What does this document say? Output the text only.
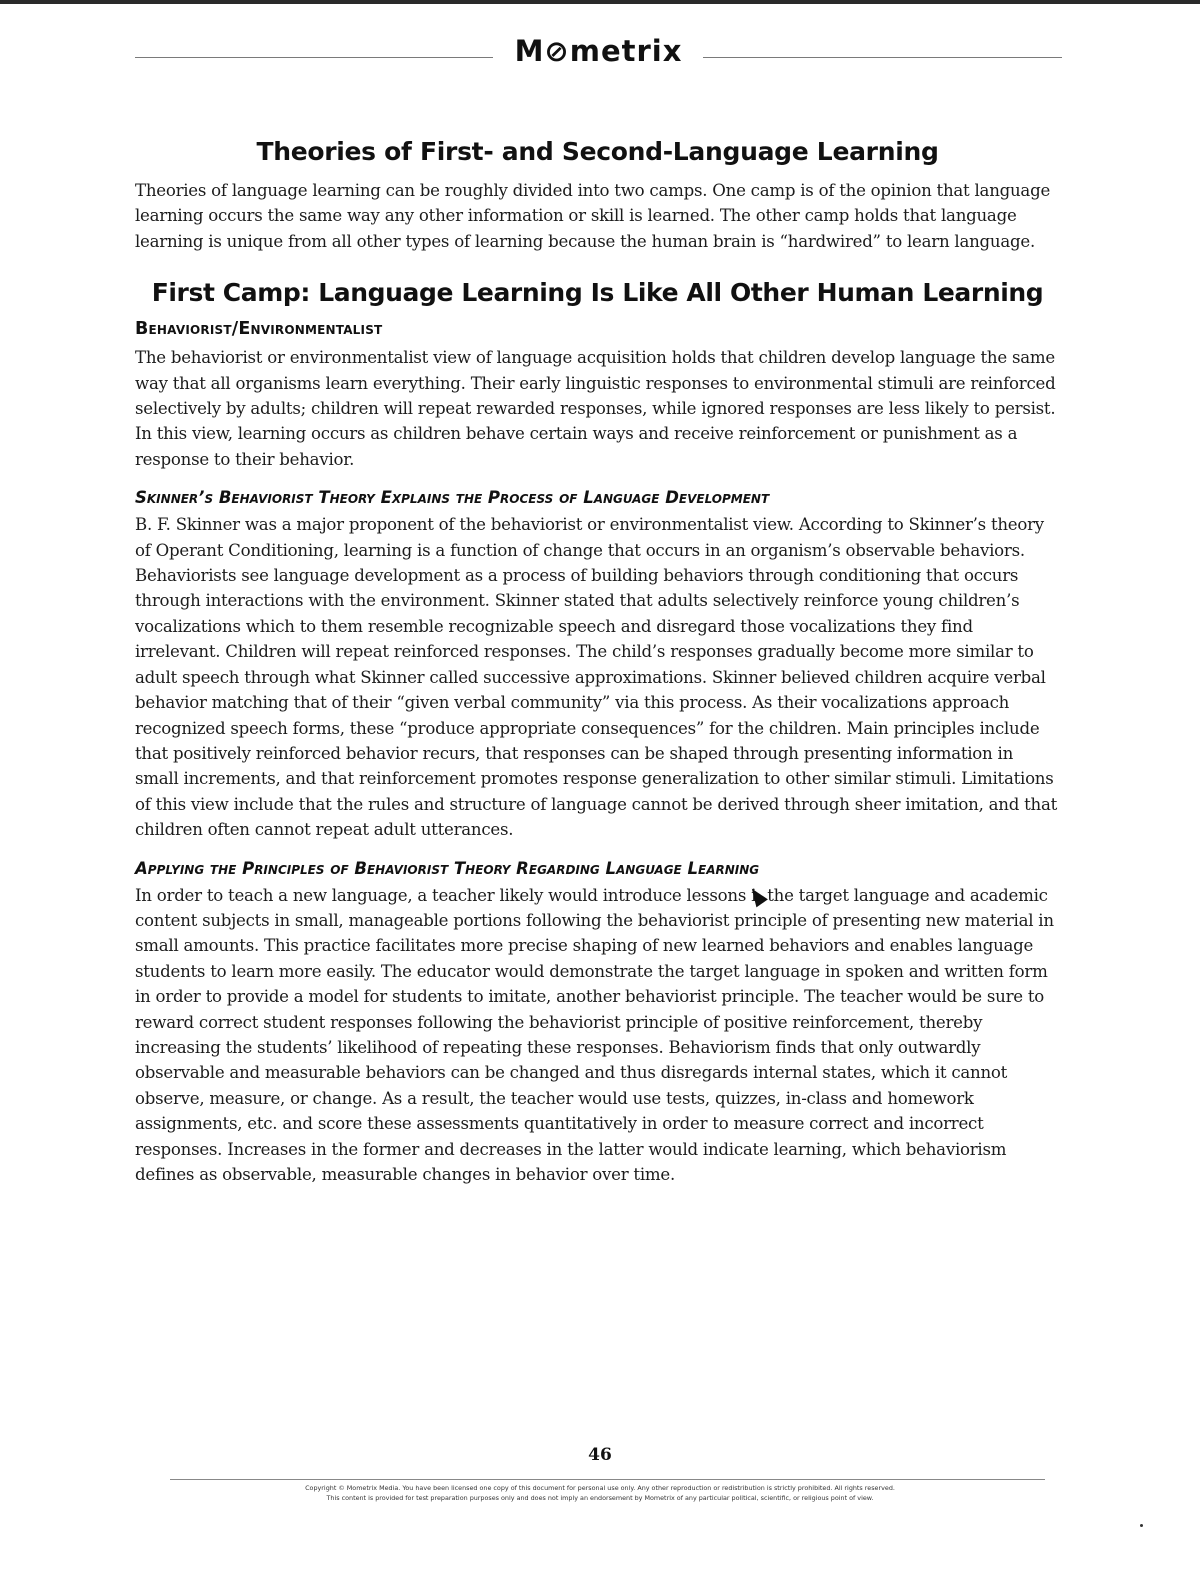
M⊘metrix
Theories of First- and Second-Language Learning

Theories of language learning can be roughly divided into two camps. One camp is of the opinion that language learning occurs the same way any other information or skill is learned. The other camp holds that language learning is unique from all other types of learning because the human brain is “hardwired” to learn language.

First Camp: Language Learning Is Like All Other Human Learning
Behaviorist/Environmentalist

The behaviorist or environmentalist view of language acquisition holds that children develop language the same way that all organisms learn everything. Their early linguistic responses to environmental stimuli are reinforced selectively by adults; children will repeat rewarded responses, while ignored responses are less likely to persist. In this view, learning occurs as children behave certain ways and receive reinforcement or punishment as a response to their behavior.

Skinner’s Behaviorist Theory Explains the Process of Language Development

B. F. Skinner was a major proponent of the behaviorist or environmentalist view. According to Skinner’s theory of Operant Conditioning, learning is a function of change that occurs in an organism’s observable behaviors. Behaviorists see language development as a process of building behaviors through conditioning that occurs through interactions with the environment. Skinner stated that adults selectively reinforce young children’s vocalizations which to them resemble recognizable speech and disregard those vocalizations they find irrelevant. Children will repeat reinforced responses. The child’s responses gradually become more similar to adult speech through what Skinner called successive approximations. Skinner believed children acquire verbal behavior matching that of their “given verbal community” via this process. As their vocalizations approach recognized speech forms, these “produce appropriate consequences” for the children. Main principles include that positively reinforced behavior recurs, that responses can be shaped through presenting information in small increments, and that reinforcement promotes response generalization to other similar stimuli. Limitations of this view include that the rules and structure of language cannot be derived through sheer imitation, and that children often cannot repeat adult utterances.

Applying the Principles of Behaviorist Theory Regarding Language Learning

In order to teach a new language, a teacher likely would introduce lessons i the target language and academic content subjects in small, manageable portions following the behaviorist principle of presenting new material in small amounts. This practice facilitates more precise shaping of new learned behaviors and enables language students to learn more easily. The educator would demonstrate the target language in spoken and written form in order to provide a model for students to imitate, another behaviorist principle. The teacher would be sure to reward correct student responses following the behaviorist principle of positive reinforcement, thereby increasing the students’ likelihood of repeating these responses. Behaviorism finds that only outwardly observable and measurable behaviors can be changed and thus disregards internal states, which it cannot observe, measure, or change. As a result, the teacher would use tests, quizzes, in-class and homework assignments, etc. and score these assessments quantitatively in order to measure correct and incorrect responses. Increases in the former and decreases in the latter would indicate learning, which behaviorism defines as observable, measurable changes in behavior over time.

46
Copyright © Mometrix Media. You have been licensed one copy of this document for personal use only. Any other reproduction or redistribution is strictly prohibited. All rights reserved.
This content is provided for test preparation purposes only and does not imply an endorsement by Mometrix of any particular political, scientific, or religious point of view.
